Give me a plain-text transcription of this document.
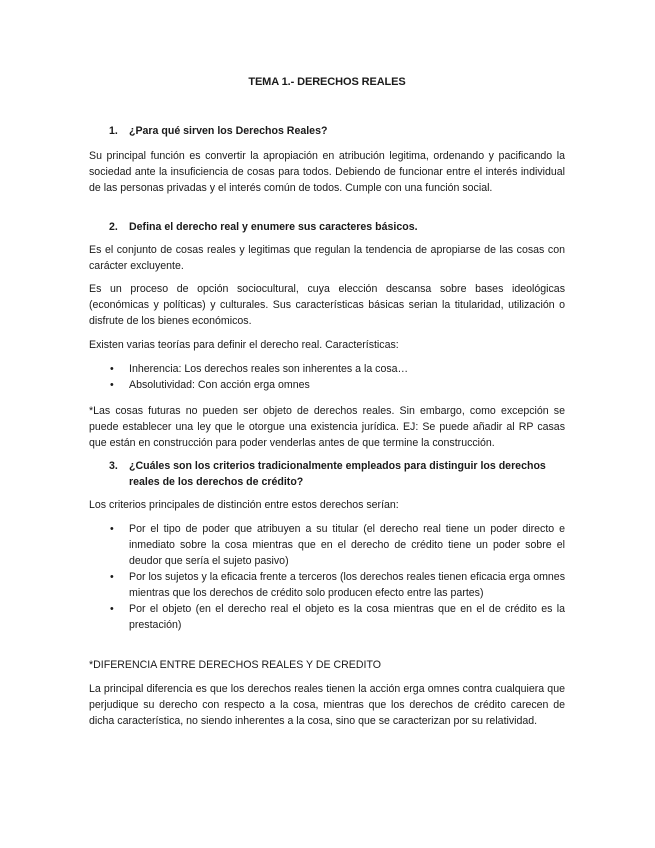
TEMA 1.- DERECHOS REALES
1. ¿Para qué sirven los Derechos Reales?

Su principal función es convertir la apropiación en atribución legitima, ordenando y pacificando la sociedad ante la insuficiencia de cosas para todos. Debiendo de funcionar entre el interés individual de las personas privadas y el interés común de todos. Cumple con una función social.

2. Defina el derecho real y enumere sus caracteres básicos.

Es el conjunto de cosas reales y legitimas que regulan la tendencia de apropiarse de las cosas con carácter excluyente.

Es un proceso de opción sociocultural, cuya elección descansa sobre bases ideológicas (económicas y políticas) y culturales. Sus características básicas serian la titularidad, utilización o disfrute de los bienes económicos.

Existen varias teorías para definir el derecho real. Características:

• Inherencia: Los derechos reales son inherentes a la cosa…
• Absolutividad: Con acción erga omnes

*Las cosas futuras no pueden ser objeto de derechos reales. Sin embargo, como excepción se puede establecer una ley que le otorgue una existencia jurídica. EJ: Se puede añadir al RP casas que están en construcción para poder venderlas antes de que termine la construcción.

3. ¿Cuáles son los criterios tradicionalmente empleados para distinguir los derechos reales de los derechos de crédito?

Los criterios principales de distinción entre estos derechos serían:

• Por el tipo de poder que atribuyen a su titular (el derecho real tiene un poder directo e inmediato sobre la cosa mientras que en el derecho de crédito tiene un poder sobre el deudor que sería el sujeto pasivo)
• Por los sujetos y la eficacia frente a terceros (los derechos reales tienen eficacia erga omnes mientras que los derechos de crédito solo producen efecto entre las partes)
• Por el objeto (en el derecho real el objeto es la cosa mientras que en el de crédito es la prestación)

*DIFERENCIA ENTRE DERECHOS REALES Y DE CREDITO

La principal diferencia es que los derechos reales tienen la acción erga omnes contra cualquiera que perjudique su derecho con respecto a la cosa, mientras que los derechos de crédito carecen de dicha característica, no siendo inherentes a la cosa, sino que se caracterizan por su relatividad.
